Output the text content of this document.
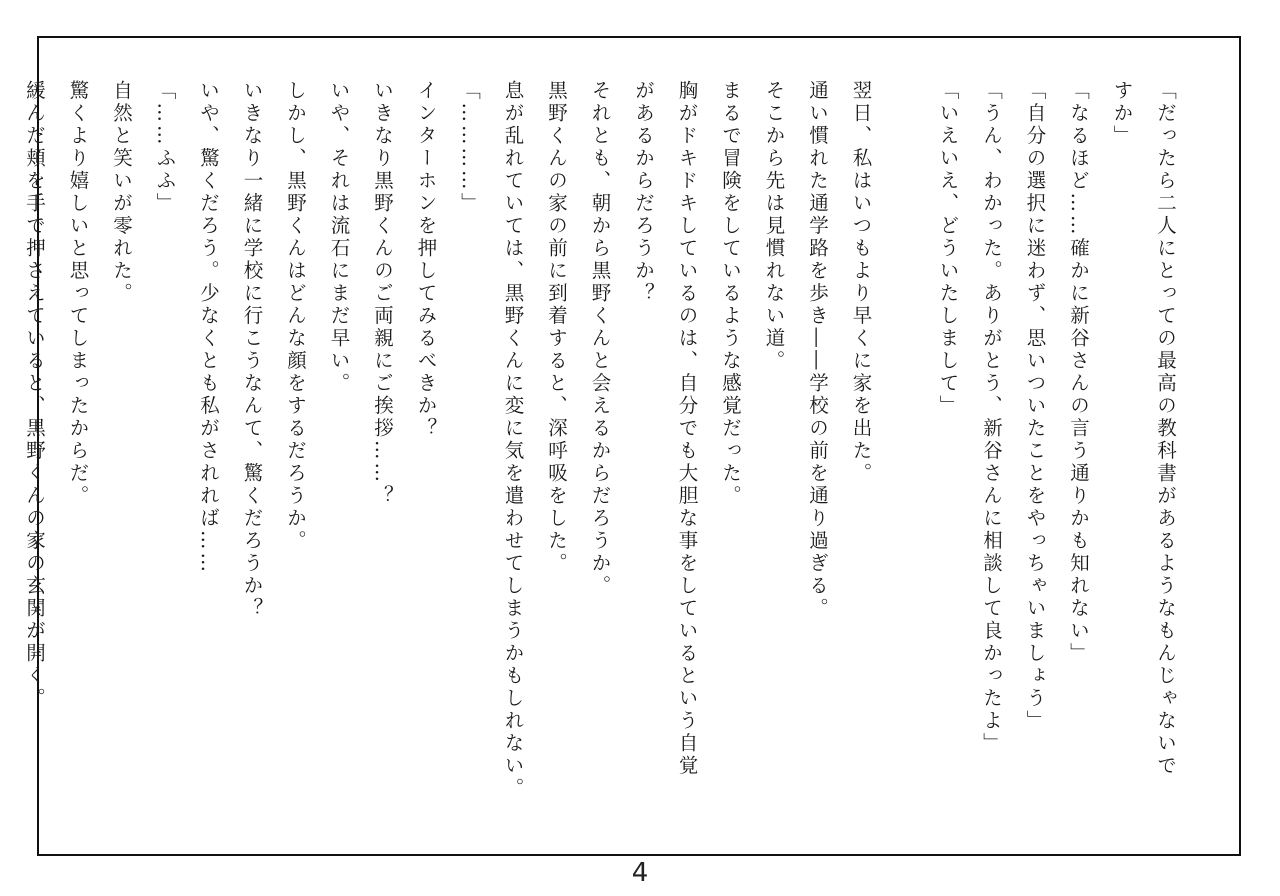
「だったら二人にとっての最高の教科書があるようなもんじゃないで
すか」
「なるほど……確かに新谷さんの言う通りかも知れない」
「自分の選択に迷わず、思いついたことをやっちゃいましょう」
「うん、わかった。ありがとう、新谷さんに相談して良かったよ」
「いえいえ、どういたしまして」
翌日、私はいつもより早くに家を出た。
通い慣れた通学路を歩き――学校の前を通り過ぎる。
そこから先は見慣れない道。
まるで冒険をしているような感覚だった。
胸がドキドキしているのは、自分でも大胆な事をしているという自覚
があるからだろうか？
それとも、朝から黒野くんと会えるからだろうか。
黒野くんの家の前に到着すると、深呼吸をした。
息が乱れていては、黒野くんに変に気を遣わせてしまうかもしれない。
「…………」
インターホンを押してみるべきか？
いきなり黒野くんのご両親にご挨拶……？
いや、それは流石にまだ早い。
しかし、黒野くんはどんな顔をするだろうか。
いきなり一緒に学校に行こうなんて、驚くだろうか？
いや、驚くだろう。少なくとも私がされれば……
「……ふふ」
自然と笑いが零れた。
驚くより嬉しいと思ってしまったからだ。
緩んだ頬を手で押さえていると、黒野くんの家の玄関が開く。
4
